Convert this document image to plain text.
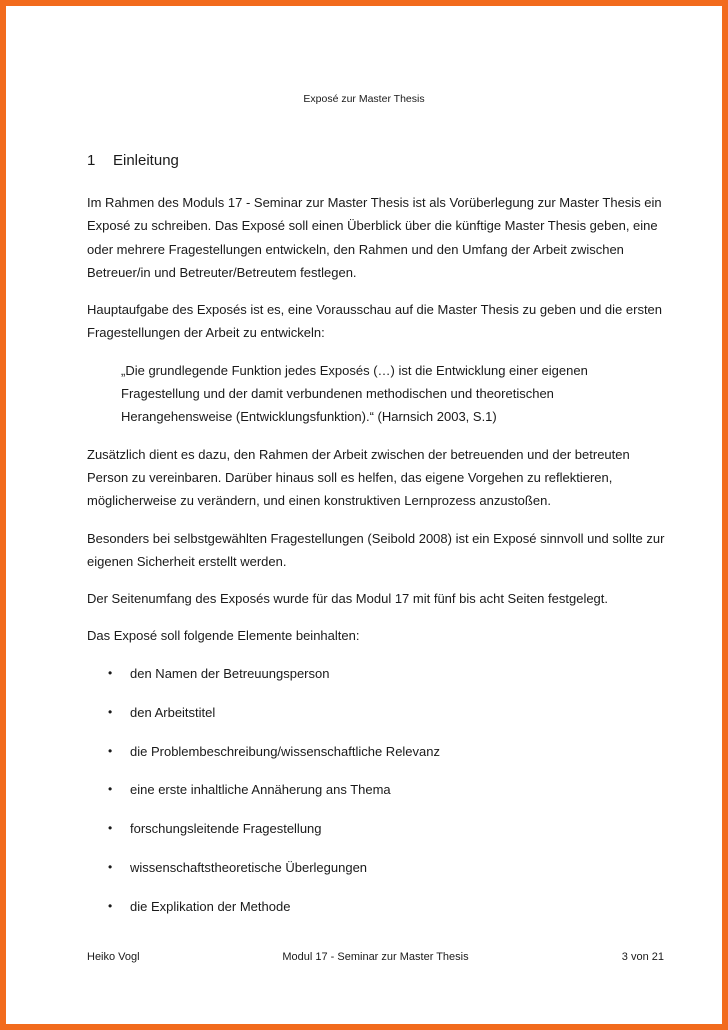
Exposé zur Master Thesis
1 Einleitung

Im Rahmen des Moduls 17 - Seminar zur Master Thesis ist als Vorüberlegung zur Master Thesis ein Exposé zu schreiben. Das Exposé soll einen Überblick über die künftige Master Thesis geben, eine oder mehrere Fragestellungen entwickeln, den Rahmen und den Umfang der Arbeit zwischen Betreuer/in und Betreuter/Betreutem festlegen.

Hauptaufgabe des Exposés ist es, eine Vorausschau auf die Master Thesis zu geben und die ersten Fragestellungen der Arbeit zu entwickeln:

„Die grundlegende Funktion jedes Exposés (…) ist die Entwicklung einer eigenen Fragestellung und der damit verbundenen methodischen und theoretischen Herangehensweise (Entwicklungsfunktion).“ (Harnsich 2003, S.1)

Zusätzlich dient es dazu, den Rahmen der Arbeit zwischen der betreuenden und der betreuten Person zu vereinbaren. Darüber hinaus soll es helfen, das eigene Vorgehen zu reflektieren, möglicherweise zu verändern, und einen konstruktiven Lernprozess anzustoßen.

Besonders bei selbstgewählten Fragestellungen (Seibold 2008) ist ein Exposé sinnvoll und sollte zur eigenen Sicherheit erstellt werden.

Der Seitenumfang des Exposés wurde für das Modul 17 mit fünf bis acht Seiten festgelegt.

Das Exposé soll folgende Elemente beinhalten:

• den Namen der Betreuungsperson
• den Arbeitstitel
• die Problembeschreibung/wissenschaftliche Relevanz
• eine erste inhaltliche Annäherung ans Thema
• forschungsleitende Fragestellung
• wissenschaftstheoretische Überlegungen
• die Explikation der Methode
Heiko Vogl	Modul 17 - Seminar zur Master Thesis	3 von 21
